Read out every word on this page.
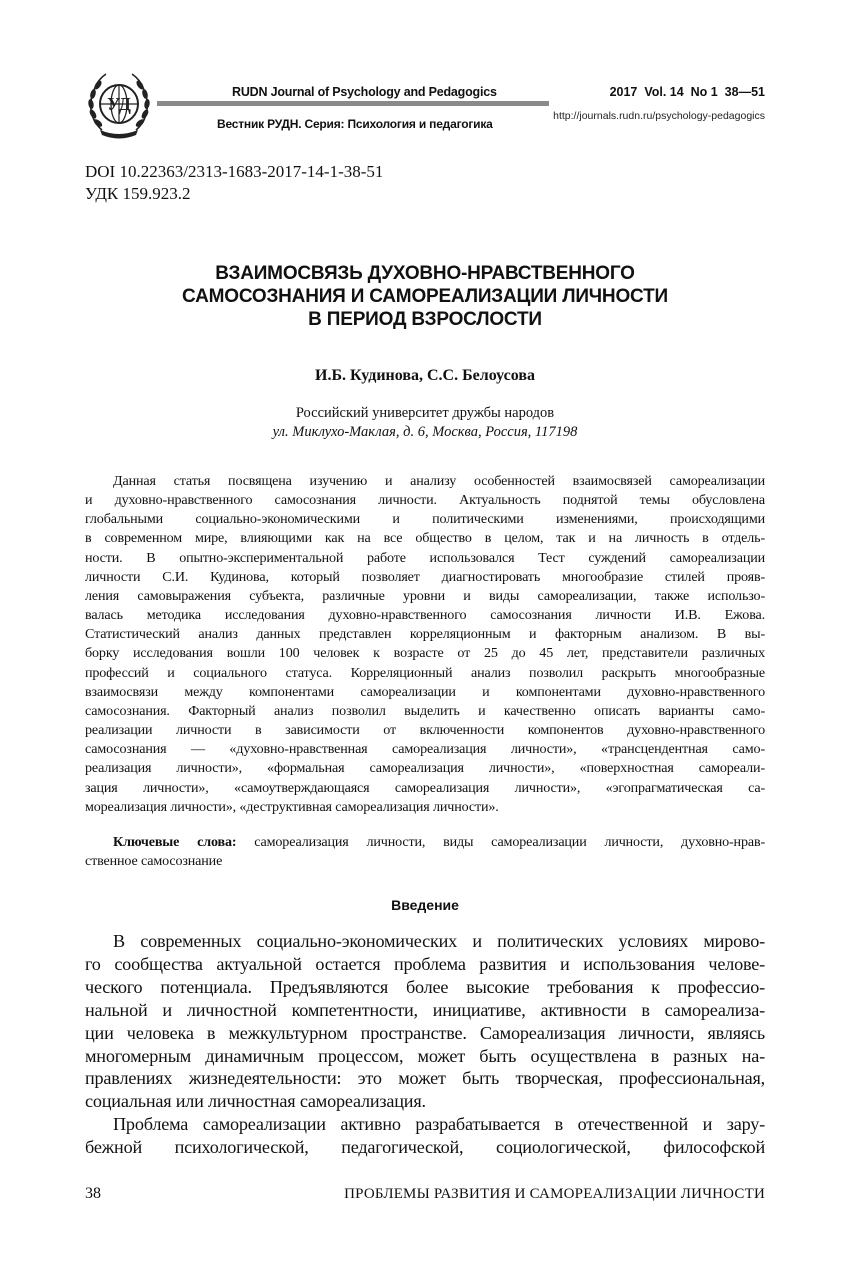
УД
RUDN Journal of Psychology and Pedagogics
Вестник РУДН. Серия: Психология и педагогика
2017  Vol. 14  No 1  38—51
http://journals.rudn.ru/psychology-pedagogics
DOI 10.22363/2313-1683-2017-14-1-38-51
УДК 159.923.2
ВЗАИМОСВЯЗЬ ДУХОВНО-НРАВСТВЕННОГО
САМОСОЗНАНИЯ И САМОРЕАЛИЗАЦИИ ЛИЧНОСТИ
В ПЕРИОД ВЗРОСЛОСТИ
И.Б. Кудинова, С.С. Белоусова
Российский университет дружбы народов
ул. Миклухо-Маклая, д. 6, Москва, Россия, 117198
Данная статья посвящена изучению и анализу особенностей взаимосвязей самореализации
и духовно-нравственного самосознания личности. Актуальность поднятой темы обусловлена
глобальными социально-экономическими и политическими изменениями, происходящими
в современном мире, влияющими как на все общество в целом, так и на личность в отдель-
ности. В опытно-экспериментальной работе использовался Тест суждений самореализации
личности С.И. Кудинова, который позволяет диагностировать многообразие стилей прояв-
ления самовыражения субъекта, различные уровни и виды самореализации, также использо-
валась методика исследования духовно-нравственного самосознания личности И.В. Ежова.
Статистический анализ данных представлен корреляционным и факторным анализом. В вы-
борку исследования вошли 100 человек к возрасте от 25 до 45 лет, представители различных
профессий и социального статуса. Корреляционный анализ позволил раскрыть многообразные
взаимосвязи между компонентами самореализации и компонентами духовно-нравственного
самосознания. Факторный анализ позволил выделить и качественно описать варианты само-
реализации личности в зависимости от включенности компонентов духовно-нравственного
самосознания — «духовно-нравственная самореализация личности», «трансцендентная само-
реализация личности», «формальная самореализация личности», «поверхностная самореали-
зация личности», «самоутверждающаяся самореализация личности», «эгопрагматическая са-
мореализация личности», «деструктивная самореализация личности».
Ключевые слова: самореализация личности, виды самореализации личности, духовно-нрав-
ственное самосознание
Введение
В современных социально-экономических и политических условиях мирово-
го сообщества актуальной остается проблема развития и использования челове-
ческого потенциала. Предъявляются более высокие требования к профессио-
нальной и личностной компетентности, инициативе, активности в самореализа-
ции человека в межкультурном пространстве. Самореализация личности, являясь
многомерным динамичным процессом, может быть осуществлена в разных на-
правлениях жизнедеятельности: это может быть творческая, профессиональная,
социальная или личностная самореализация.
Проблема самореализации активно разрабатывается в отечественной и зару-
бежной психологической, педагогической, социологической, философской
38	ПРОБЛЕМЫ РАЗВИТИЯ И САМОРЕАЛИЗАЦИИ ЛИЧНОСТИ
